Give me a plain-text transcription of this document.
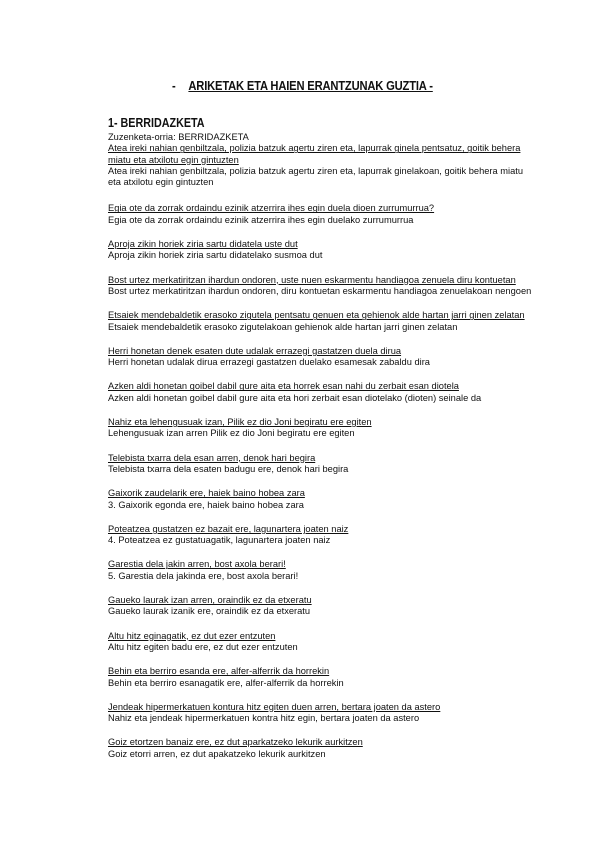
- ARIKETAK ETA HAIEN ERANTZUNAK GUZTIA -
1- BERRIDAZKETA
Zuzenketa-orria: BERRIDAZKETA
Atea ireki nahian genbiltzala, polizia batzuk agertu ziren eta, lapurrak ginela pentsatuz, goitik behera miatu eta atxilotu egin gintuzten
Atea ireki nahian genbiltzala, polizia batzuk agertu ziren eta, lapurrak ginelakoan, goitik behera miatu eta atxilotu egin gintuzten
Egia ote da zorrak ordaindu ezinik atzerrira ihes egin duela dioen zurrumurrua?
Egia ote da zorrak ordaindu ezinik atzerrira ihes egin duelako zurrumurrua
Aproja zikin horiek ziria sartu didatela uste dut
Aproja zikin horiek ziria sartu didatelako susmoa dut
Bost urtez merkatiritzan ihardun ondoren, uste nuen eskarmentu handiagoa zenuela diru kontuetan
Bost urtez merkatiritzan ihardun ondoren, diru kontuetan eskarmentu handiagoa zenuelakoan nengoen
Etsaiek mendebaldetik erasoko zigutela pentsatu genuen eta gehienok alde hartan jarri ginen zelatan
Etsaiek mendebaldetik erasoko zigutelakoan gehienok alde hartan jarri ginen zelatan
Herri honetan denek esaten dute udalak errazegi gastatzen duela dirua
Herri honetan udalak dirua errazegi gastatzen duelako esamesak zabaldu dira
Azken aldi honetan goibel dabil gure aita eta horrek esan nahi du zerbait esan diotela
Azken aldi honetan goibel dabil gure aita eta hori zerbait esan diotelako (dioten) seinale da
Nahiz eta lehengusuak izan, Pilik ez dio Joni begiratu ere egiten
Lehengusuak izan arren Pilik ez dio Joni begiratu ere egiten
Telebista txarra dela esan arren, denok hari begira
Telebista txarra dela esaten badugu ere, denok hari begira
Gaixorik zaudelarik ere, haiek baino hobea zara
3. Gaixorik egonda ere, haiek baino hobea zara
Poteatzea gustatzen ez bazait ere, lagunartera joaten naiz
4. Poteatzea ez gustatuagatik, lagunartera joaten naiz
Garestia dela jakin arren, bost axola berari!
5. Garestia dela jakinda ere, bost axola berari!
Gaueko laurak izan arren, oraindik ez da etxeratu
Gaueko laurak izanik ere, oraindik ez da etxeratu
Altu hitz eginagatik, ez dut ezer entzuten
Altu hitz egiten badu ere, ez dut ezer entzuten
Behin eta berriro esanda ere, alfer-alferrik da horrekin
Behin eta berriro esanagatik ere, alfer-alferrik da horrekin
Jendeak hipermerkatuen kontura hitz egiten duen arren, bertara joaten da astero
Nahiz eta jendeak hipermerkatuen kontra hitz egin, bertara joaten da astero
Goiz etortzen banaiz ere, ez dut aparkatzeko lekurik aurkitzen
Goiz etorri arren, ez dut apakatzeko lekurik aurkitzen
